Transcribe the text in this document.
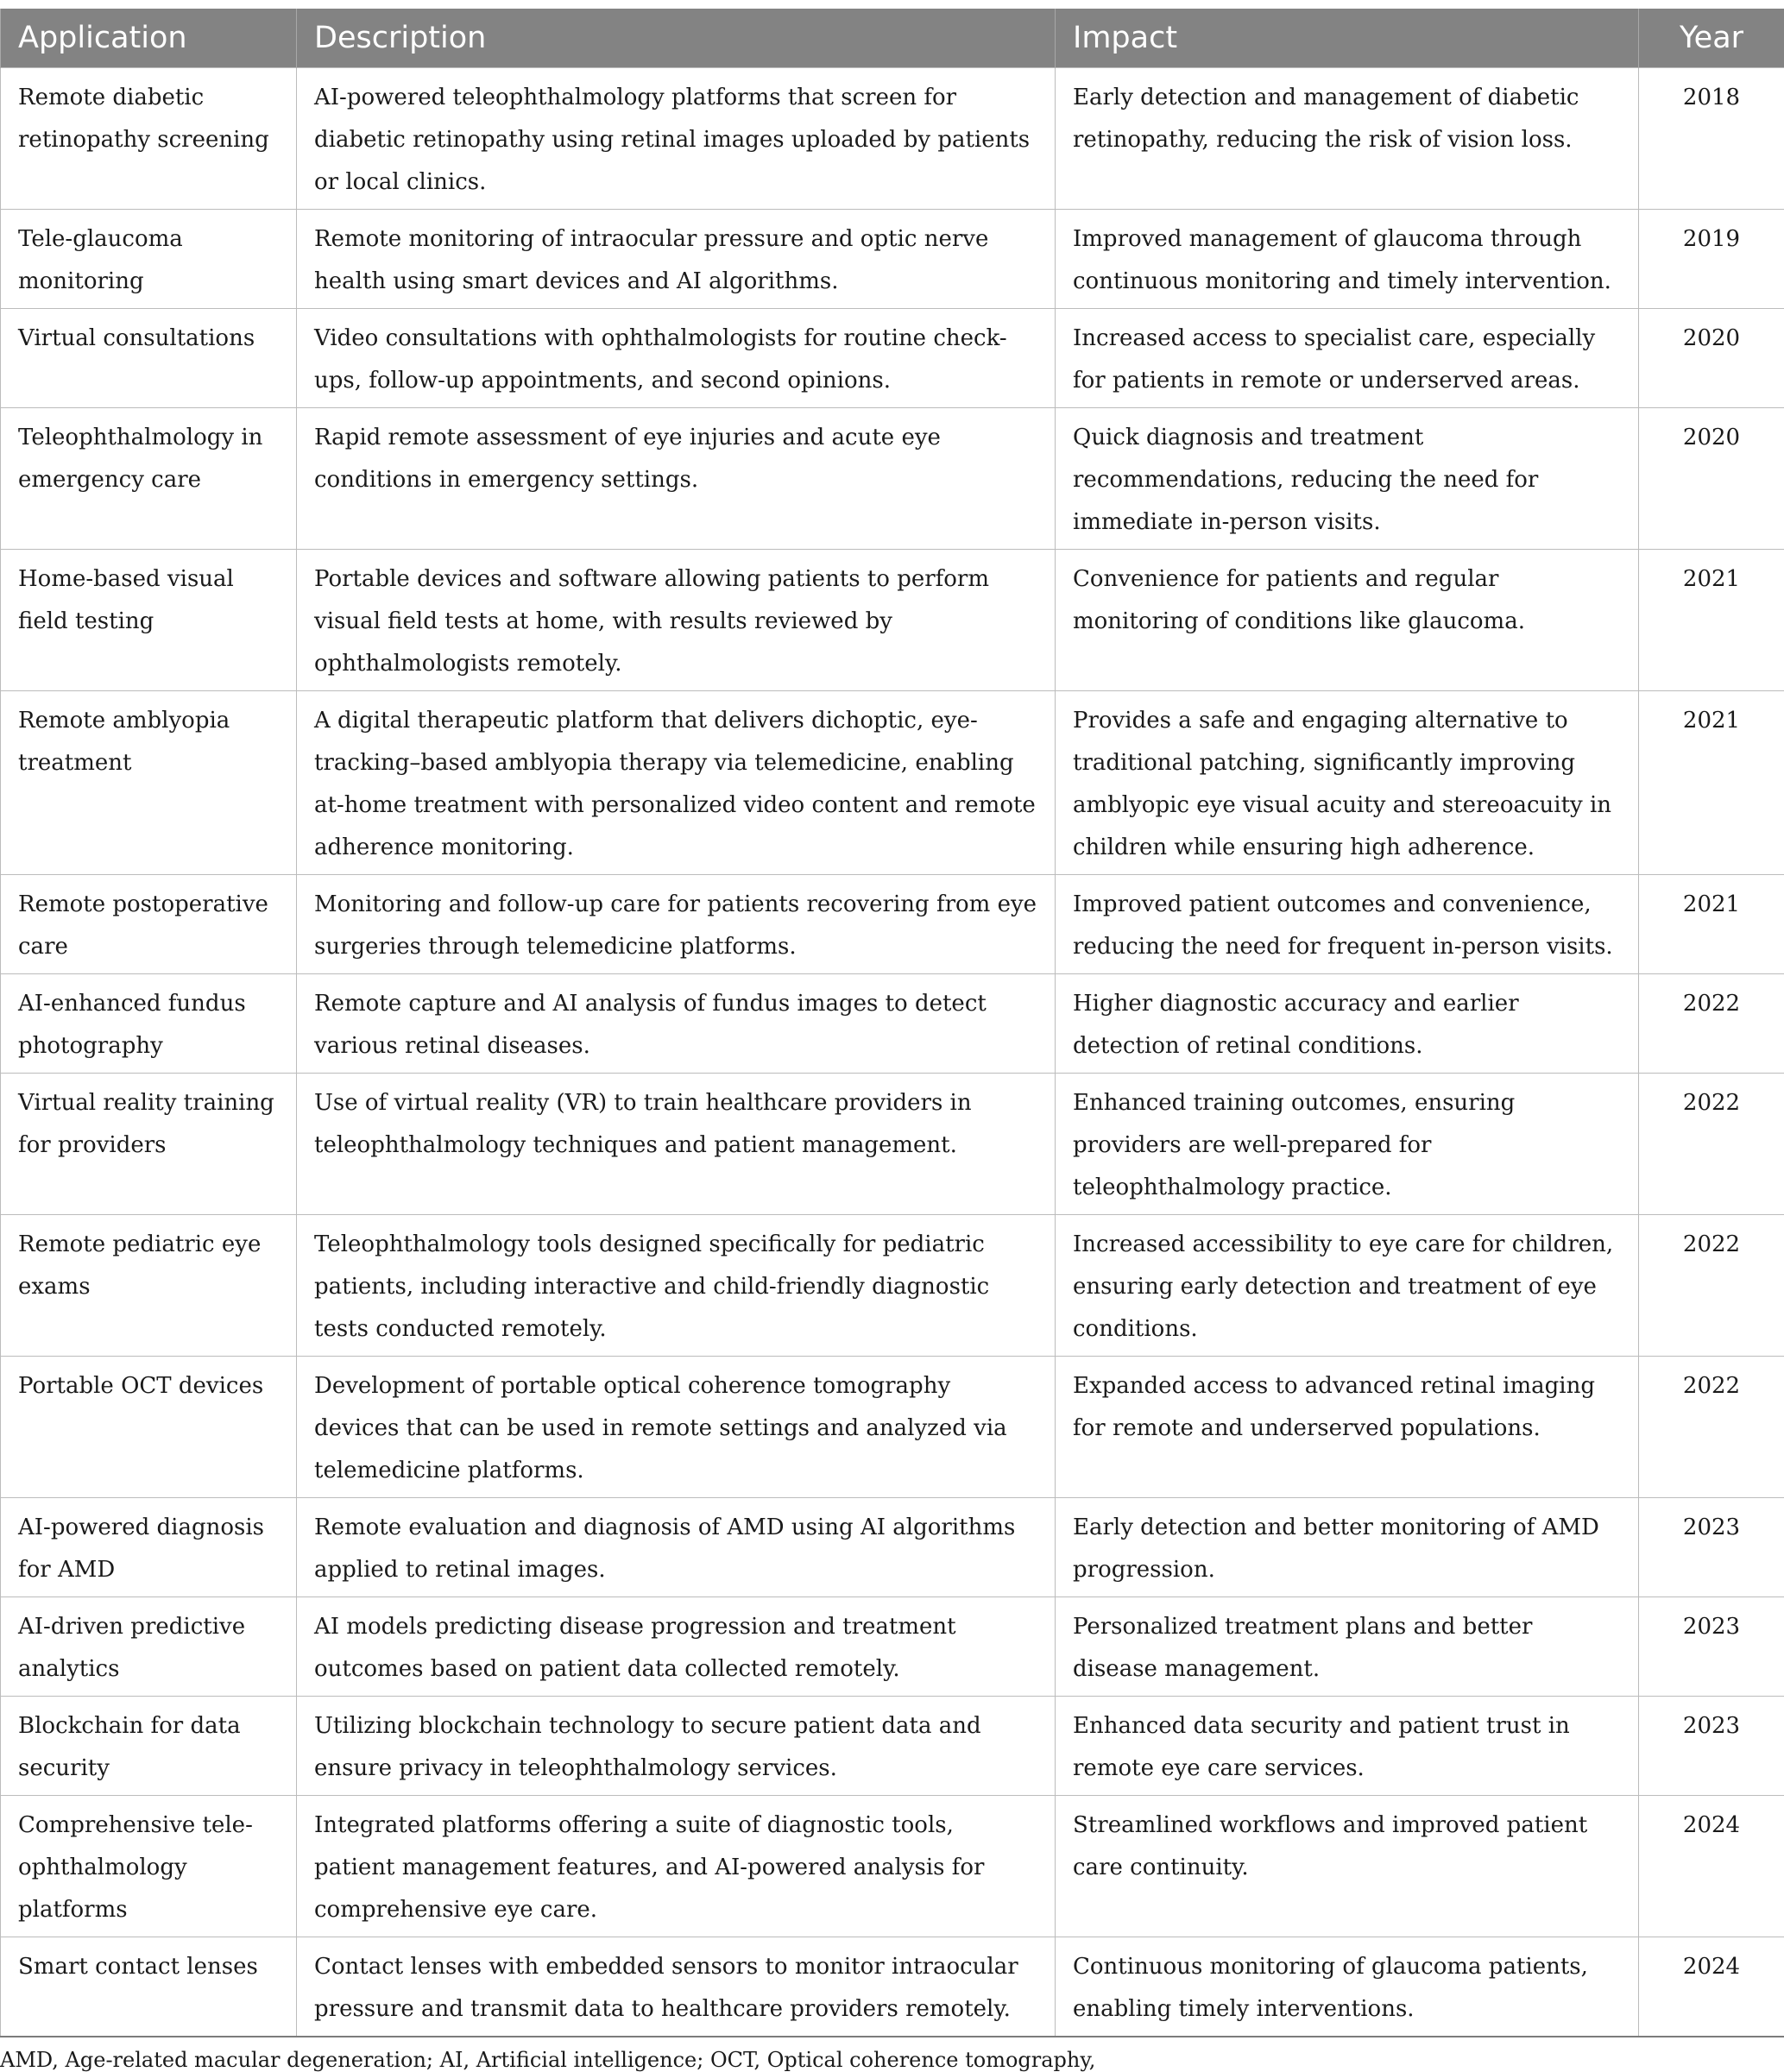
Application	Description	Impact	Year
Remote diabetic retinopathy screening	AI-powered teleophthalmology platforms that screen for diabetic retinopathy using retinal images uploaded by patients or local clinics.	Early detection and management of diabetic retinopathy, reducing the risk of vision loss.	2018
Tele-glaucoma monitoring	Remote monitoring of intraocular pressure and optic nerve health using smart devices and AI algorithms.	Improved management of glaucoma through continuous monitoring and timely intervention.	2019
Virtual consultations	Video consultations with ophthalmologists for routine check-ups, follow-up appointments, and second opinions.	Increased access to specialist care, especially for patients in remote or underserved areas.	2020
Teleophthalmology in emergency care	Rapid remote assessment of eye injuries and acute eye conditions in emergency settings.	Quick diagnosis and treatment recommendations, reducing the need for immediate in-person visits.	2020
Home-based visual field testing	Portable devices and software allowing patients to perform visual field tests at home, with results reviewed by ophthalmologists remotely.	Convenience for patients and regular monitoring of conditions like glaucoma.	2021
Remote amblyopia treatment	A digital therapeutic platform that delivers dichoptic, eye-tracking–based amblyopia therapy via telemedicine, enabling at-home treatment with personalized video content and remote adherence monitoring.	Provides a safe and engaging alternative to traditional patching, significantly improving amblyopic eye visual acuity and stereoacuity in children while ensuring high adherence.	2021
Remote postoperative care	Monitoring and follow-up care for patients recovering from eye surgeries through telemedicine platforms.	Improved patient outcomes and convenience, reducing the need for frequent in-person visits.	2021
AI-enhanced fundus photography	Remote capture and AI analysis of fundus images to detect various retinal diseases.	Higher diagnostic accuracy and earlier detection of retinal conditions.	2022
Virtual reality training for providers	Use of virtual reality (VR) to train healthcare providers in teleophthalmology techniques and patient management.	Enhanced training outcomes, ensuring providers are well-prepared for teleophthalmology practice.	2022
Remote pediatric eye exams	Teleophthalmology tools designed specifically for pediatric patients, including interactive and child-friendly diagnostic tests conducted remotely.	Increased accessibility to eye care for children, ensuring early detection and treatment of eye conditions.	2022
Portable OCT devices	Development of portable optical coherence tomography devices that can be used in remote settings and analyzed via telemedicine platforms.	Expanded access to advanced retinal imaging for remote and underserved populations.	2022
AI-powered diagnosis for AMD	Remote evaluation and diagnosis of AMD using AI algorithms applied to retinal images.	Early detection and better monitoring of AMD progression.	2023
AI-driven predictive analytics	AI models predicting disease progression and treatment outcomes based on patient data collected remotely.	Personalized treatment plans and better disease management.	2023
Blockchain for data security	Utilizing blockchain technology to secure patient data and ensure privacy in teleophthalmology services.	Enhanced data security and patient trust in remote eye care services.	2023
Comprehensive tele-ophthalmology platforms	Integrated platforms offering a suite of diagnostic tools, patient management features, and AI-powered analysis for comprehensive eye care.	Streamlined workflows and improved patient care continuity.	2024
Smart contact lenses	Contact lenses with embedded sensors to monitor intraocular pressure and transmit data to healthcare providers remotely.	Continuous monitoring of glaucoma patients, enabling timely interventions.	2024
AMD, Age-related macular degeneration; AI, Artificial intelligence; OCT, Optical coherence tomography,
